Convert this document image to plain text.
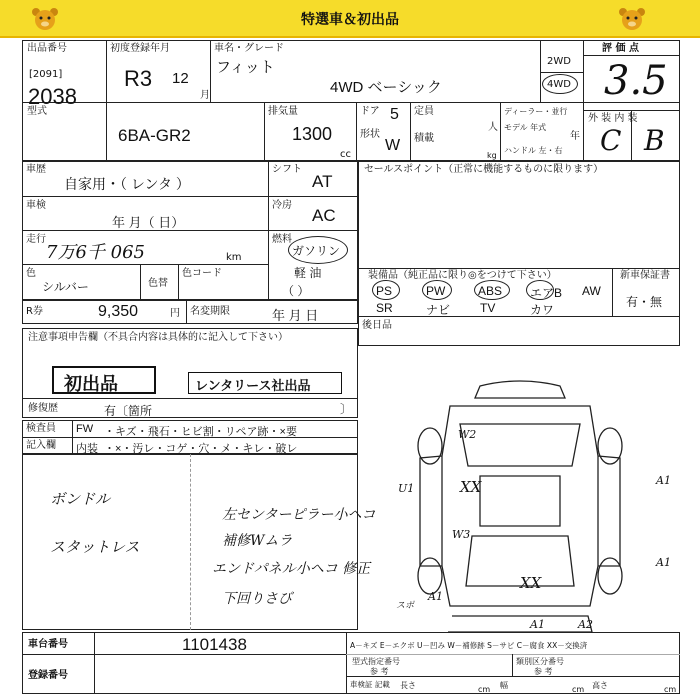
特選車＆初出品
出品番号
[2091]
2038
初度登録年月
R3 12
月
車名・グレード
フィット
4WD ベーシック
2WD
4WD
評 価 点
3.5
型式
6BA-GR2
排気量
1300
cc
ドア 5
形状
W
定員
人
積載
kg
ディーラー・並行
モデル 年式
年
ハンドル 左・右
外 装 内 装
C B
車歴
自家用・（ レンタ ）
シフト
AT
車検
年 月（ 日）
冷房
AC
走行
7万6千 065	km
燃料
ガソリン
軽 油
（ ）
色
シルバー	色替
色コード
R券	9,350	円 名変期限	年 月 日
セールスポイント（正常に機能するものに限ります）
装備品（純正品に限り◎をつけて下さい）	新車保証書
有・無
PS	PW	ABS エアB AW
SR	ナビ TV	カワ
後日品
注意事項申告欄（不具合内容は具体的に記入して下さい）
初出品	レンタリース社出品
修復歴	有〔箇所	〕
検査員
記入欄
FW
内装
・キズ・飛石・ヒビ割・リペア跡・×要
・×・汚レ・コゲ・穴・メ・キレ・破レ
ボンドル
スタットレス
左センターピラー小ヘコ
補修Wムラ
エンドパネル小ヘコ 修正
下回りさび
W2
A1
U1	XX
W3
XX
A1
A1	A2
A1
スポ
車台番号	1101438
登録番号
A－キズ E－エクボ U－凹み W－補修跡 S－サビ C－腐食 XX－交換済
型式指定番号
参 考
類別区分番号
参 考
車検証 記載 長さ	cm 幅	cm 高さ	cm
